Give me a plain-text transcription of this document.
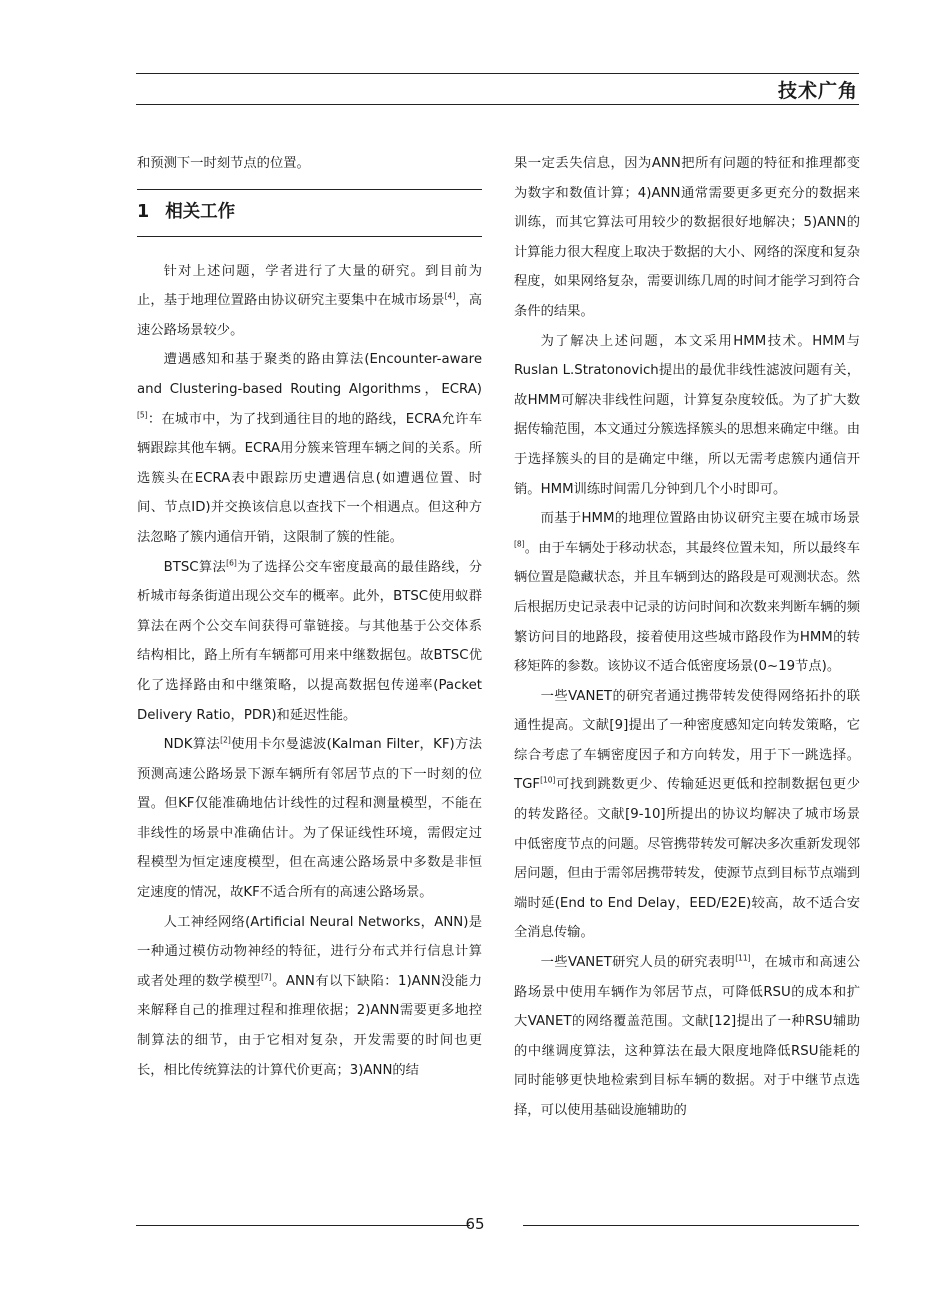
技术广角

和预测下一时刻节点的位置。

1 相关工作

针对上述问题，学者进行了大量的研究。到目前为止，基于地理位置路由协议研究主要集中在城市场景[4]，高速公路场景较少。

遭遇感知和基于聚类的路由算法(Encounter-aware and Clustering-based Routing Algorithms，ECRA)[5]：在城市中，为了找到通往目的地的路线，ECRA允许车辆跟踪其他车辆。ECRA用分簇来管理车辆之间的关系。所选簇头在ECRA表中跟踪历史遭遇信息(如遭遇位置、时间、节点ID)并交换该信息以查找下一个相遇点。但这种方法忽略了簇内通信开销，这限制了簇的性能。

BTSC算法[6]为了选择公交车密度最高的最佳路线，分析城市每条街道出现公交车的概率。此外，BTSC使用蚁群算法在两个公交车间获得可靠链接。与其他基于公交体系结构相比，路上所有车辆都可用来中继数据包。故BTSC优化了选择路由和中继策略，以提高数据包传递率(Packet Delivery Ratio，PDR)和延迟性能。

NDK算法[2]使用卡尔曼滤波(Kalman Filter，KF)方法预测高速公路场景下源车辆所有邻居节点的下一时刻的位置。但KF仅能准确地估计线性的过程和测量模型，不能在非线性的场景中准确估计。为了保证线性环境，需假定过程模型为恒定速度模型，但在高速公路场景中多数是非恒定速度的情况，故KF不适合所有的高速公路场景。

人工神经网络(Artificial Neural Networks，ANN)是一种通过模仿动物神经的特征，进行分布式并行信息计算或者处理的数学模型[7]。ANN有以下缺陷：1)ANN没能力来解释自己的推理过程和推理依据；2)ANN需要更多地控制算法的细节，由于它相对复杂，开发需要的时间也更长，相比传统算法的计算代价更高；3)ANN的结

果一定丢失信息，因为ANN把所有问题的特征和推理都变为数字和数值计算；4)ANN通常需要更多更充分的数据来训练，而其它算法可用较少的数据很好地解决；5)ANN的计算能力很大程度上取决于数据的大小、网络的深度和复杂程度，如果网络复杂，需要训练几周的时间才能学习到符合条件的结果。

为了解决上述问题，本文采用HMM技术。HMM与Ruslan L.Stratonovich提出的最优非线性滤波问题有关，故HMM可解决非线性问题，计算复杂度较低。为了扩大数据传输范围，本文通过分簇选择簇头的思想来确定中继。由于选择簇头的目的是确定中继，所以无需考虑簇内通信开销。HMM训练时间需几分钟到几个小时即可。

而基于HMM的地理位置路由协议研究主要在城市场景[8]。由于车辆处于移动状态，其最终位置未知，所以最终车辆位置是隐藏状态，并且车辆到达的路段是可观测状态。然后根据历史记录表中记录的访问时间和次数来判断车辆的频繁访问目的地路段，接着使用这些城市路段作为HMM的转移矩阵的参数。该协议不适合低密度场景(0~19节点)。

一些VANET的研究者通过携带转发使得网络拓扑的联通性提高。文献[9]提出了一种密度感知定向转发策略，它综合考虑了车辆密度因子和方向转发，用于下一跳选择。TGF[10]可找到跳数更少、传输延迟更低和控制数据包更少的转发路径。文献[9-10]所提出的协议均解决了城市场景中低密度节点的问题。尽管携带转发可解决多次重新发现邻居问题，但由于需邻居携带转发，使源节点到目标节点端到端时延(End to End Delay，EED/E2E)较高，故不适合安全消息传输。

一些VANET研究人员的研究表明[11]，在城市和高速公路场景中使用车辆作为邻居节点，可降低RSU的成本和扩大VANET的网络覆盖范围。文献[12]提出了一种RSU辅助的中继调度算法，这种算法在最大限度地降低RSU能耗的同时能够更快地检索到目标车辆的数据。对于中继节点选择，可以使用基础设施辅助的

65
